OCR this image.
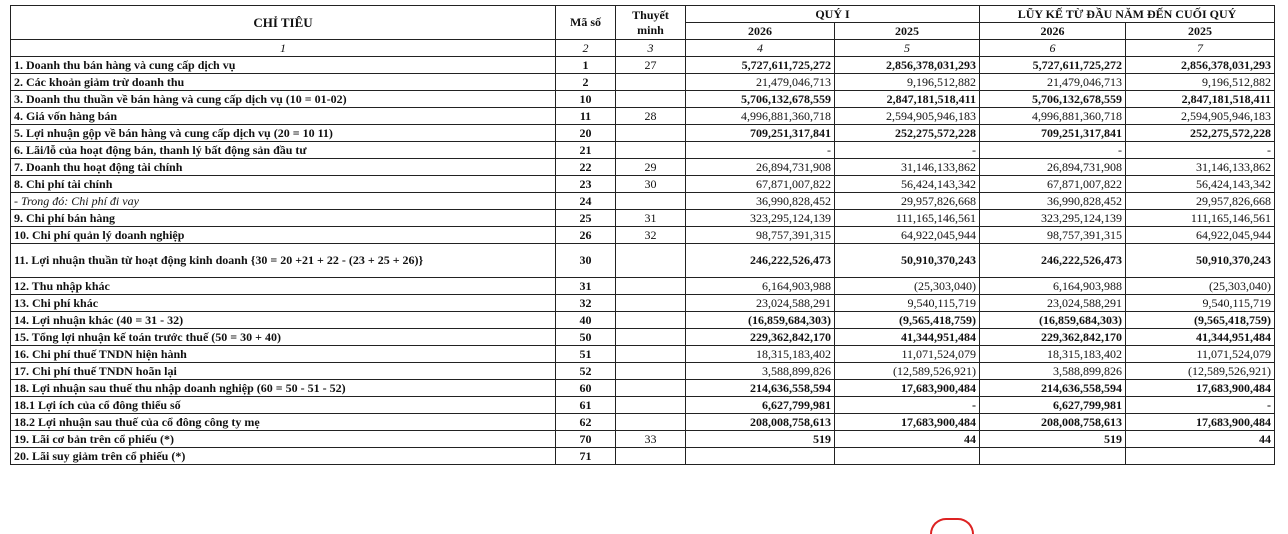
CHỈ TIÊU	Mã số	Thuyết minh	QUÝ I		LŨY KẾ TỪ ĐẦU NĂM ĐẾN CUỐI QUÝ	
			2026	2025	2026	2025
1	2	3	4	5	6	7
1. Doanh thu bán hàng và cung cấp dịch vụ	1	27	5,727,611,725,272	2,856,378,031,293	5,727,611,725,272	2,856,378,031,293
2. Các khoản giảm trừ doanh thu	2		21,479,046,713	9,196,512,882	21,479,046,713	9,196,512,882
3. Doanh thu thuần về bán hàng và cung cấp dịch vụ (10 = 01-02)	10		5,706,132,678,559	2,847,181,518,411	5,706,132,678,559	2,847,181,518,411
4. Giá vốn hàng bán	11	28	4,996,881,360,718	2,594,905,946,183	4,996,881,360,718	2,594,905,946,183
5. Lợi nhuận gộp về bán hàng và cung cấp dịch vụ (20 = 10 11)	20		709,251,317,841	252,275,572,228	709,251,317,841	252,275,572,228
6. Lãi/lỗ của hoạt động bán, thanh lý bất động sản đầu tư	21		-	-	-	-
7. Doanh thu hoạt động tài chính	22	29	26,894,731,908	31,146,133,862	26,894,731,908	31,146,133,862
8. Chi phí tài chính	23	30	67,871,007,822	56,424,143,342	67,871,007,822	56,424,143,342
- Trong đó: Chi phí đi vay	24		36,990,828,452	29,957,826,668	36,990,828,452	29,957,826,668
9. Chi phí bán hàng	25	31	323,295,124,139	111,165,146,561	323,295,124,139	111,165,146,561
10. Chi phí quản lý doanh nghiệp	26	32	98,757,391,315	64,922,045,944	98,757,391,315	64,922,045,944
11. Lợi nhuận thuần từ hoạt động kinh doanh {30 = 20 +21 + 22 - (23 + 25 + 26)}	30		246,222,526,473	50,910,370,243	246,222,526,473	50,910,370,243
12. Thu nhập khác	31		6,164,903,988	(25,303,040)	6,164,903,988	(25,303,040)
13. Chi phí khác	32		23,024,588,291	9,540,115,719	23,024,588,291	9,540,115,719
14. Lợi nhuận khác (40 = 31 - 32)	40		(16,859,684,303)	(9,565,418,759)	(16,859,684,303)	(9,565,418,759)
15. Tổng lợi nhuận kế toán trước thuế (50 = 30 + 40)	50		229,362,842,170	41,344,951,484	229,362,842,170	41,344,951,484
16. Chi phí thuế TNDN hiện hành	51		18,315,183,402	11,071,524,079	18,315,183,402	11,071,524,079
17. Chi phí thuế TNDN hoãn lại	52		3,588,899,826	(12,589,526,921)	3,588,899,826	(12,589,526,921)
18. Lợi nhuận sau thuế thu nhập doanh nghiệp (60 = 50 - 51 - 52)	60		214,636,558,594	17,683,900,484	214,636,558,594	17,683,900,484
18.1 Lợi ích của cổ đông thiểu số	61		6,627,799,981	-	6,627,799,981	-
18.2 Lợi nhuận sau thuế của cổ đông công ty mẹ	62		208,008,758,613	17,683,900,484	208,008,758,613	17,683,900,484
19. Lãi cơ bản trên cổ phiếu (*)	70	33	519	44	519	44
20. Lãi suy giảm trên cổ phiếu (*)	71					
